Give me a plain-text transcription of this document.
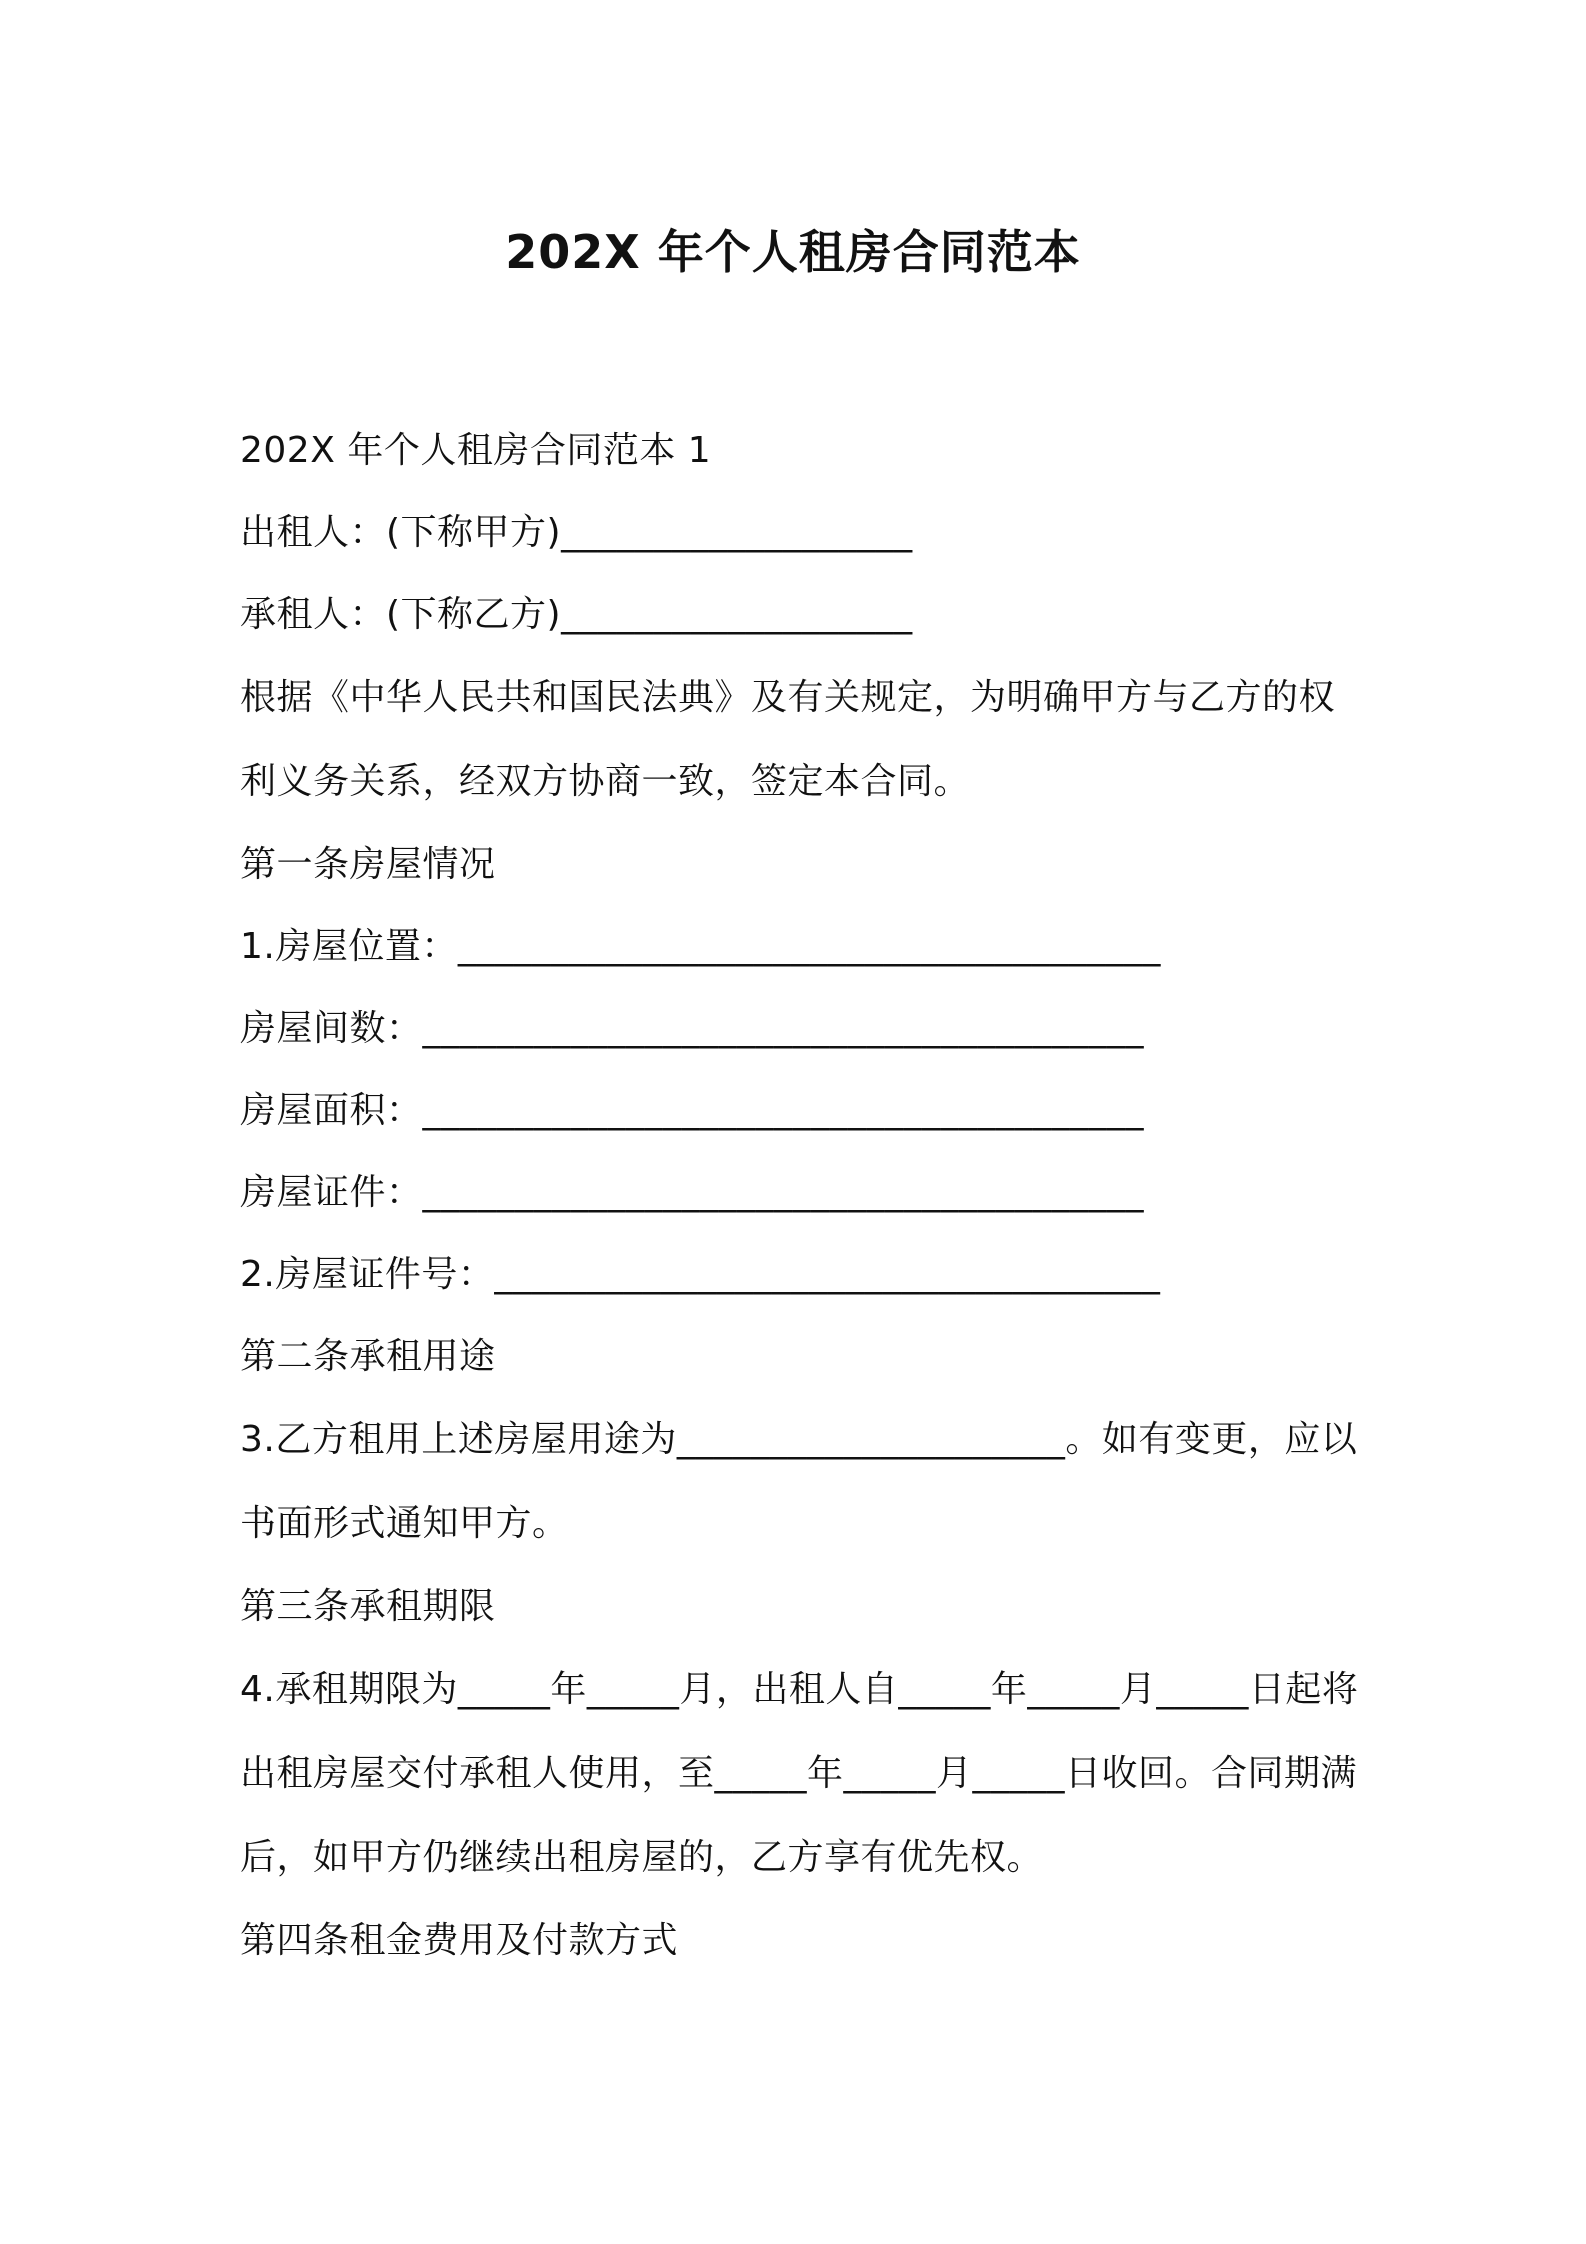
202X 年个人租房合同范本

202X 年个人租房合同范本 1

出租人：(下称甲方)___________________

承租人：(下称乙方)___________________

根据《中华人民共和国民法典》及有关规定，为明确甲方与乙方的权利义务关系，经双方协商一致，签定本合同。

第一条房屋情况

1.房屋位置：______________________________________

房屋间数：_______________________________________

房屋面积：_______________________________________

房屋证件：_______________________________________

2.房屋证件号：____________________________________

第二条承租用途

3.乙方租用上述房屋用途为_____________________。如有变更，应以书面形式通知甲方。

第三条承租期限

4.承租期限为_____年_____月，出租人自_____年_____月_____日起将出租房屋交付承租人使用，至_____年_____月_____日收回。合同期满后，如甲方仍继续出租房屋的，乙方享有优先权。

第四条租金费用及付款方式
